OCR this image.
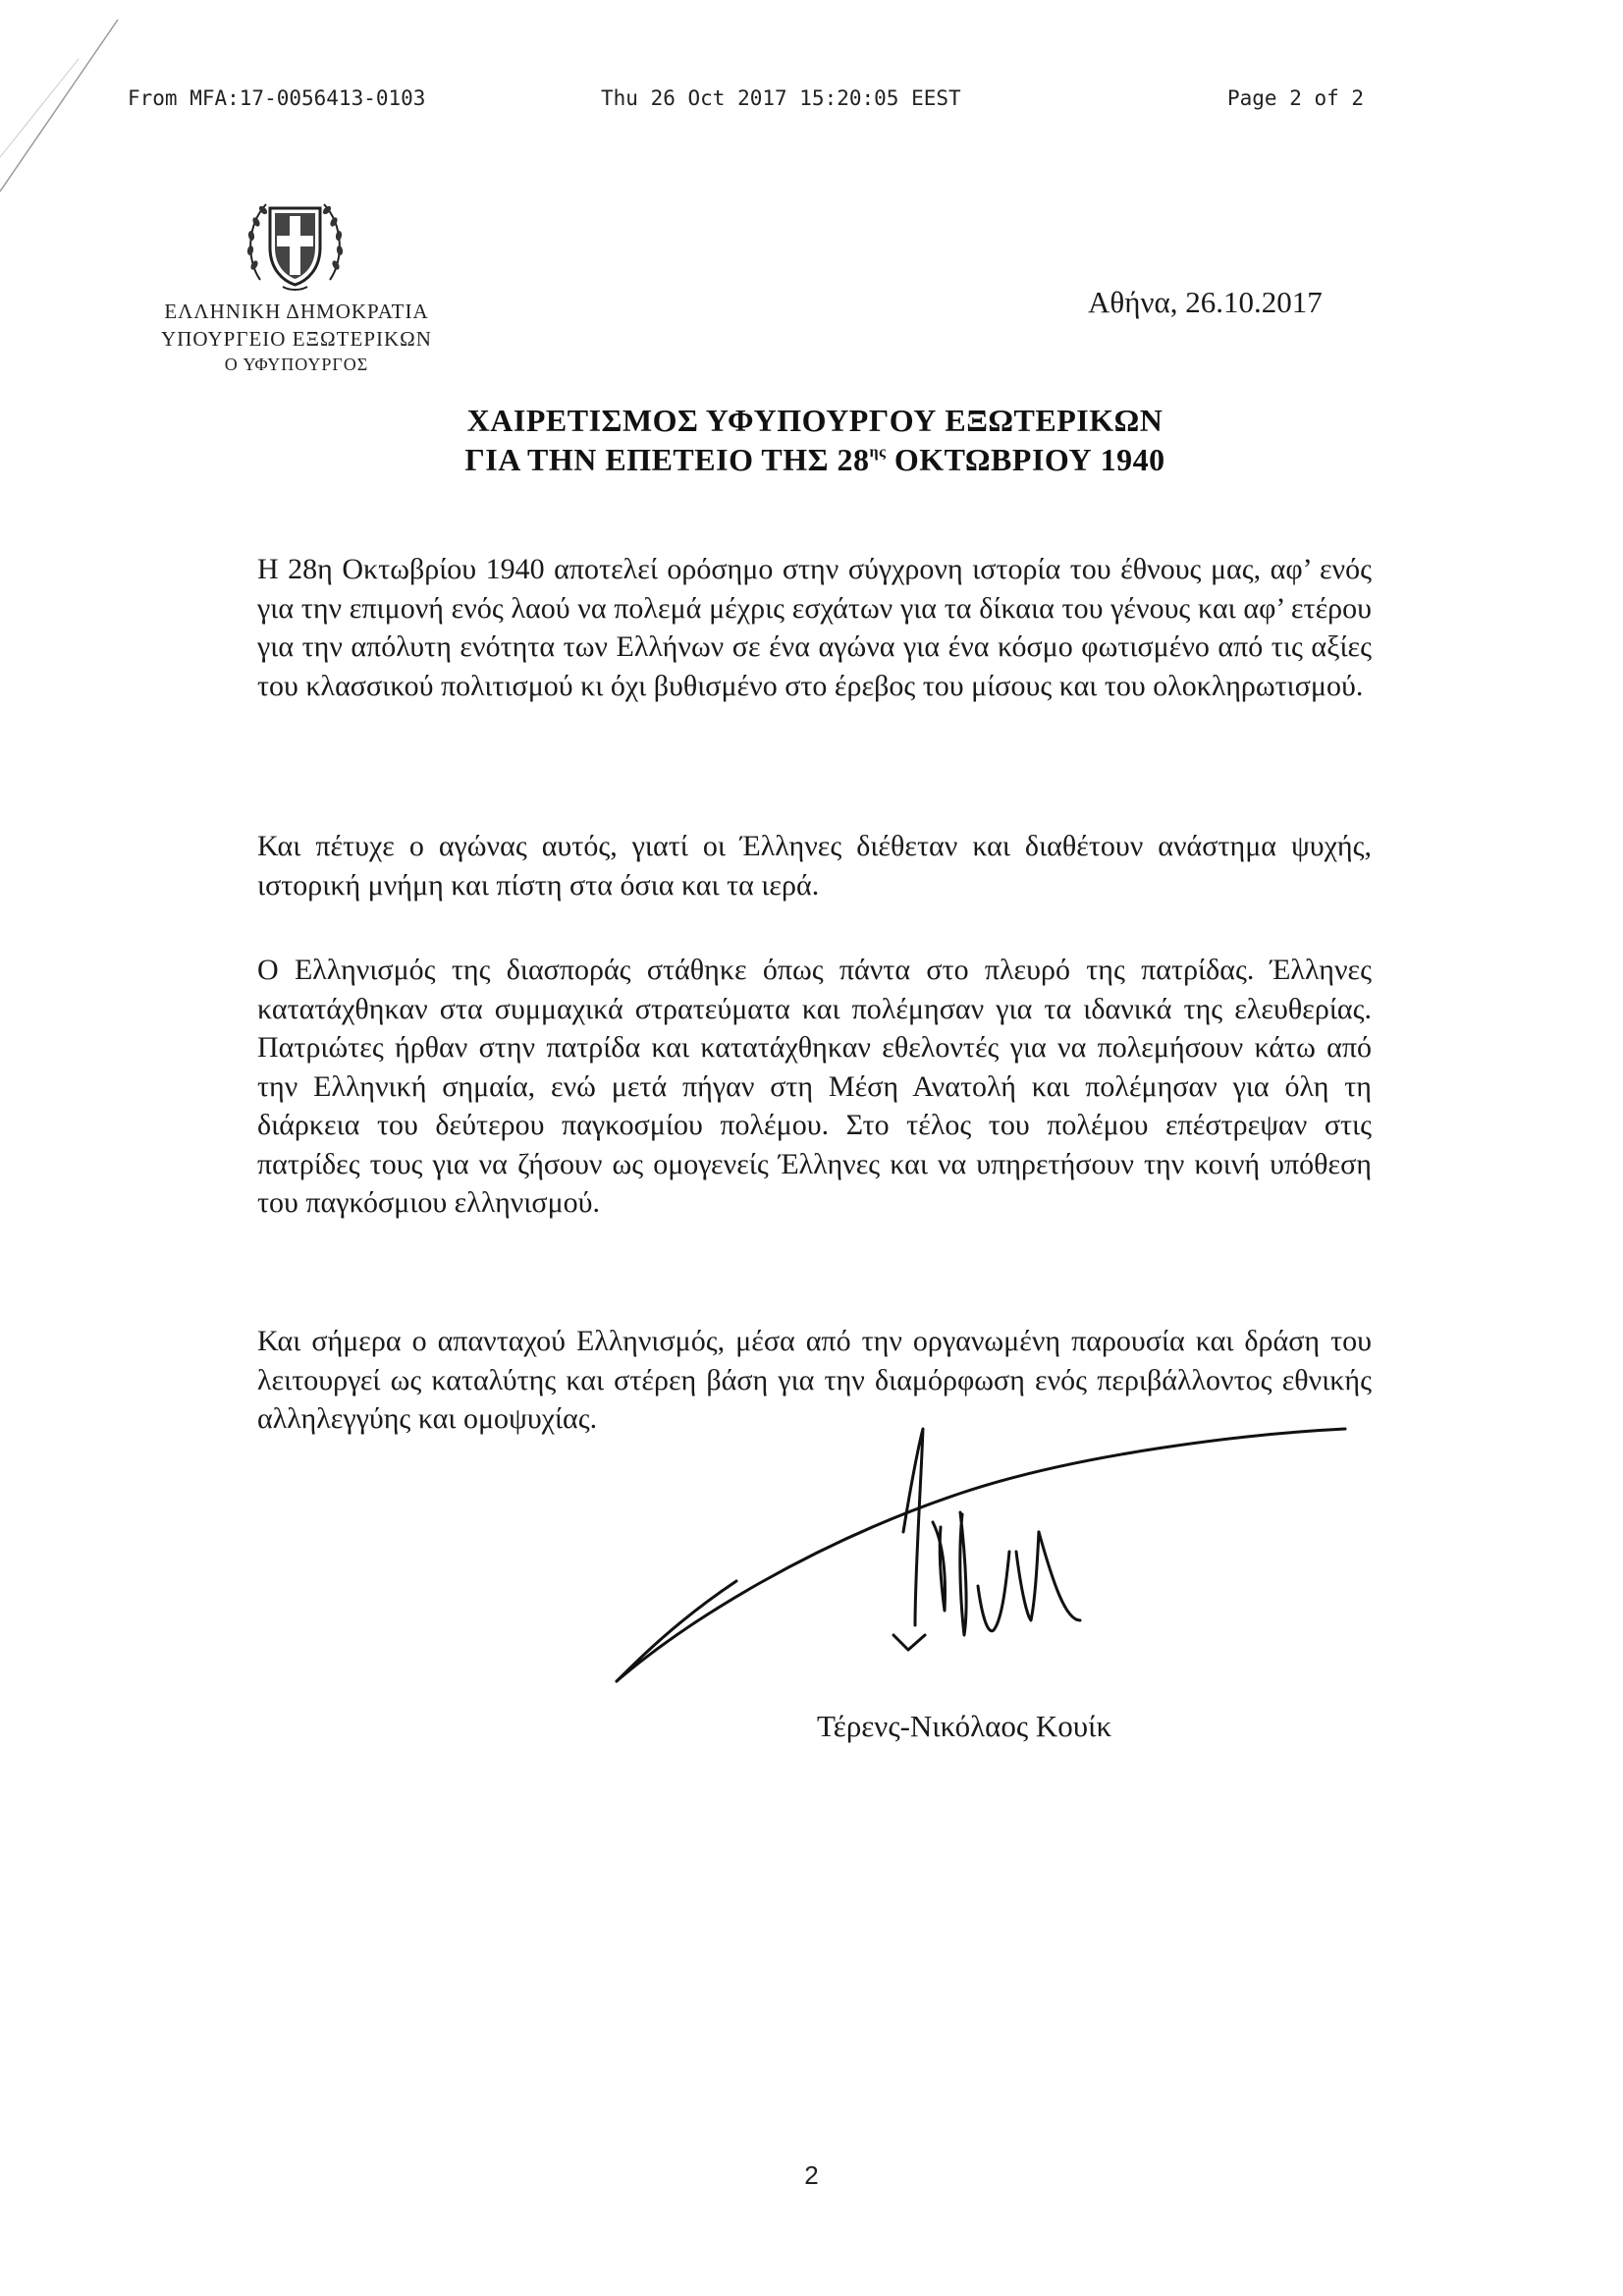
From MFA:17-0056413-0103	Thu 26 Oct 2017 15:20:05 EEST	Page 2 of 2
ΕΛΛΗΝΙΚΗ ΔΗΜΟΚΡΑΤΙΑ
ΥΠΟΥΡΓΕΙΟ ΕΞΩΤΕΡΙΚΩΝ
Ο ΥΦΥΠΟΥΡΓΟΣ
Αθήνα, 26.10.2017
ΧΑΙΡΕΤΙΣΜΟΣ ΥΦΥΠΟΥΡΓΟΥ ΕΞΩΤΕΡΙΚΩΝ
ΓΙΑ ΤΗΝ ΕΠΕΤΕΙΟ ΤΗΣ $28^{\eta\varsigma}$ ΟΚΤΩΒΡΙΟΥ 1940
Η 28η Οκτωβρίου 1940 αποτελεί ορόσημο στην σύγχρονη ιστορία του έθνους μας, αφ’ ενός για την επιμονή ενός λαού να πολεμά μέχρις εσχάτων για τα δίκαια του γένους και αφ’ ετέρου για την απόλυτη ενότητα των Ελλήνων σε ένα αγώνα για ένα κόσμο φωτισμένο από τις αξίες του κλασσικού πολιτισμού κι όχι βυθισμένο στο έρεβος του μίσους και του ολοκληρωτισμού.
Και πέτυχε ο αγώνας αυτός, γιατί οι Έλληνες διέθεταν και διαθέτουν ανάστημα ψυχής, ιστορική μνήμη και πίστη στα όσια και τα ιερά.
Ο Ελληνισμός της διασποράς στάθηκε όπως πάντα στο πλευρό της πατρίδας. Έλληνες κατατάχθηκαν στα συμμαχικά στρατεύματα και πολέμησαν για τα ιδανικά της ελευθερίας. Πατριώτες ήρθαν στην πατρίδα και κατατάχθηκαν εθελοντές για να πολεμήσουν κάτω από την Ελληνική σημαία, ενώ μετά πήγαν στη Μέση Ανατολή και πολέμησαν για όλη τη διάρκεια του δεύτερου παγκοσμίου πολέμου. Στο τέλος του πολέμου επέστρεψαν στις πατρίδες τους για να ζήσουν ως ομογενείς Έλληνες και να υπηρετήσουν την κοινή υπόθεση του παγκόσμιου ελληνισμού.
Και σήμερα ο απανταχού Ελληνισμός, μέσα από την οργανωμένη παρουσία και δράση του λειτουργεί ως καταλύτης και στέρεη βάση για την διαμόρφωση ενός περιβάλλοντος εθνικής αλληλεγγύης και ομοψυχίας.
Τέρενς-Νικόλαος Κουίκ
2
